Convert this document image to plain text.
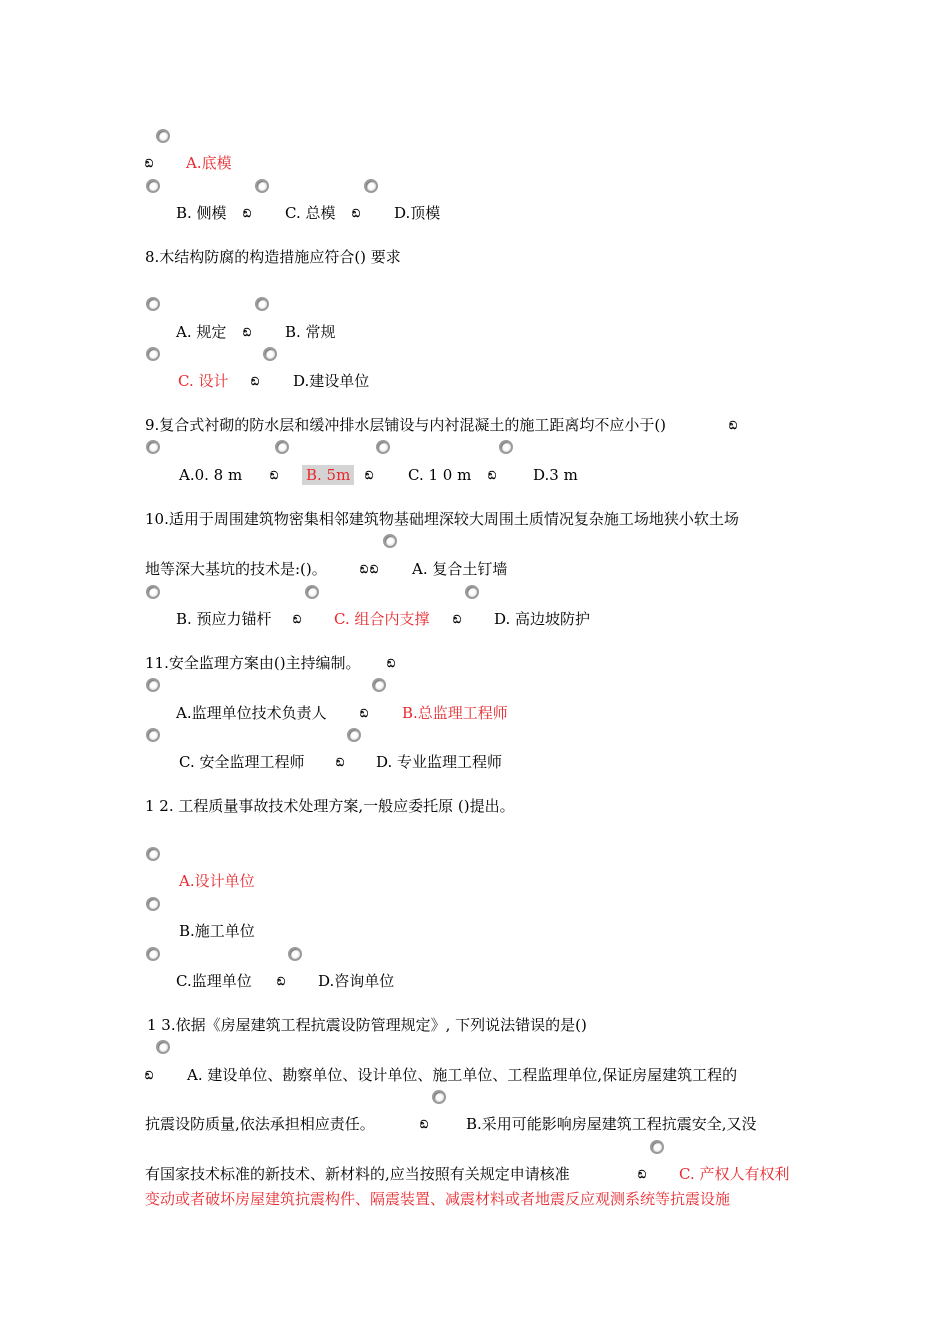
ඞ A.底模
B. 侧模 ඞ C. 总模 ඞ D.顶模
8.木结构防腐的构造措施应符合() 要求
A. 规定 ඞ B. 常规
C. 设计 ඞ D.建设单位
9.复合式衬砌的防水层和缓冲排水层铺设与内衬混凝土的施工距离均不应小于()	ඞ
A.0. 8 m	ඞ B. 5m	ඞ C. 1 0 m ඞ D.3 m
10.适用于周围建筑物密集相邻建筑物基础埋深较大周围土质情况复杂施工场地狭小软土场
地等深大基坑的技术是:()。	ඞ ඞ A. 复合土钉墙
B. 预应力锚杆 ඞ C. 组合内支撑 ඞ D. 高边坡防护
11.安全监理方案由()主持编制。 ඞ
A.监理单位技术负责人	ඞ B.总监理工程师
C. 安全监理工程师	ඞ D. 专业监理工程师
1 2. 工程质量事故技术处理方案,一般应委托原 ()提出。
A.设计单位
B.施工单位
C.监理单位 ඞ D.咨询单位
1 3.依据《房屋建筑工程抗震设防管理规定》, 下列说法错误的是()
ඞ A. 建设单位、勘察单位、设计单位、施工单位、工程监理单位,保证房屋建筑工程的
抗震设防质量,依法承担相应责任。	ඞ	B.采用可能影响房屋建筑工程抗震安全,又没
有国家技术标准的新技术、新材料的,应当按照有关规定申请核准	ඞ C. 产权人有权利
变动或者破坏房屋建筑抗震构件、隔震装置、减震材料或者地震反应观测系统等抗震设施
